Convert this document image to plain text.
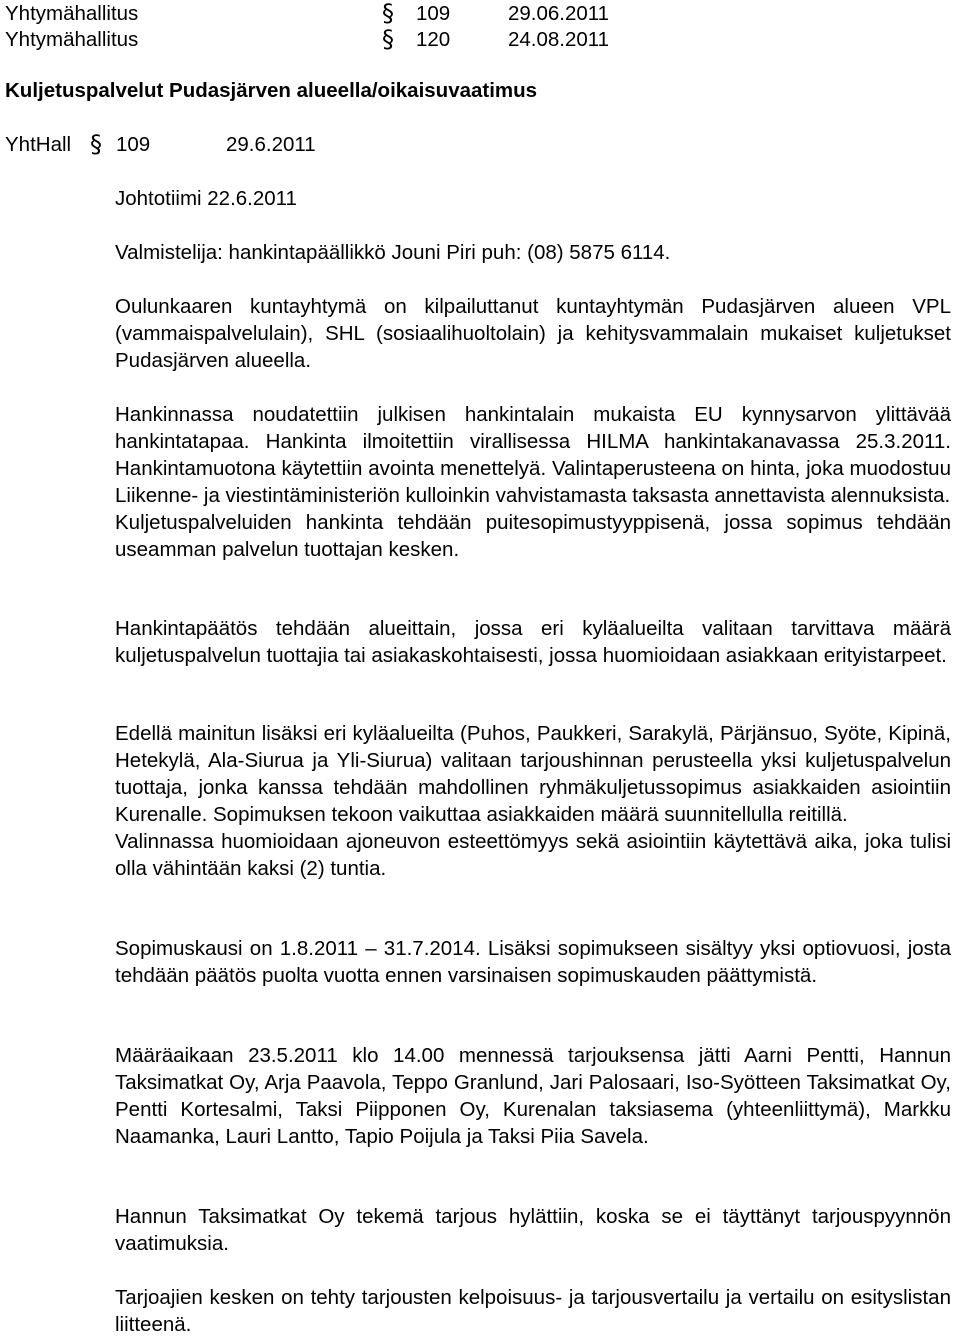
Yhtymähallitus	§ 109	29.06.2011
Yhtymähallitus	§ 120	24.08.2011
Kuljetuspalvelut Pudasjärven alueella/oikaisuvaatimus
YhtHall § 109	29.6.2011
Johtotiimi 22.6.2011
Valmistelija: hankintapäällikkö Jouni Piri puh: (08) 5875 6114.

Oulunkaaren kuntayhtymä on kilpailuttanut kuntayhtymän Pudasjärven alueen VPL (vammaispalvelulain), SHL (sosiaalihuoltolain) ja kehitysvammalain mukaiset kuljetukset Pudasjärven alueella.

Hankinnassa noudatettiin julkisen hankintalain mukaista EU kynnysarvon ylittävää hankintatapaa. Hankinta ilmoitettiin virallisessa HILMA hankintakanavassa 25.3.2011. Hankintamuotona käytettiin avointa menettelyä. Valintaperusteena on hinta, joka muodostuu Liikenne- ja viestintäministeriön kulloinkin vahvistamasta taksasta annettavista alennuksista.

Kuljetuspalveluiden hankinta tehdään puitesopimustyyppisenä, jossa sopimus tehdään useamman palvelun tuottajan kesken.

Hankintapäätös tehdään alueittain, jossa eri kyläalueilta valitaan tarvittava määrä kuljetuspalvelun tuottajia tai asiakaskohtaisesti, jossa huomioidaan asiakkaan erityistarpeet.

Edellä mainitun lisäksi eri kyläalueilta (Puhos, Paukkeri, Sarakylä, Pärjänsuo, Syöte, Kipinä, Hetekylä, Ala-Siurua ja Yli-Siurua) valitaan tarjoushinnan perusteella yksi kuljetuspalvelun tuottaja, jonka kanssa tehdään mahdollinen ryhmäkuljetussopimus asiakkaiden asiointiin Kurenalle. Sopimuksen tekoon vaikuttaa asiakkaiden määrä suunnitellulla reitillä.

Valinnassa huomioidaan ajoneuvon esteettömyys sekä asiointiin käytettävä aika, joka tulisi olla vähintään kaksi (2) tuntia.

Sopimuskausi on 1.8.2011 – 31.7.2014. Lisäksi sopimukseen sisältyy yksi optiovuosi, josta tehdään päätös puolta vuotta ennen varsinaisen sopimuskauden päättymistä.

Määräaikaan 23.5.2011 klo 14.00 mennessä tarjouksensa jätti Aarni Pentti, Hannun Taksimatkat Oy, Arja Paavola, Teppo Granlund, Jari Palosaari, Iso-Syötteen Taksimatkat Oy, Pentti Kortesalmi, Taksi Piipponen Oy, Kurenalan taksiasema (yhteenliittymä), Markku Naamanka, Lauri Lantto, Tapio Poijula ja Taksi Piia Savela.

Hannun Taksimatkat Oy tekemä tarjous hylättiin, koska se ei täyttänyt tarjouspyynnön vaatimuksia.

Tarjoajien kesken on tehty tarjousten kelpoisuus- ja tarjousvertailu ja vertailu on esityslistan liitteenä.
